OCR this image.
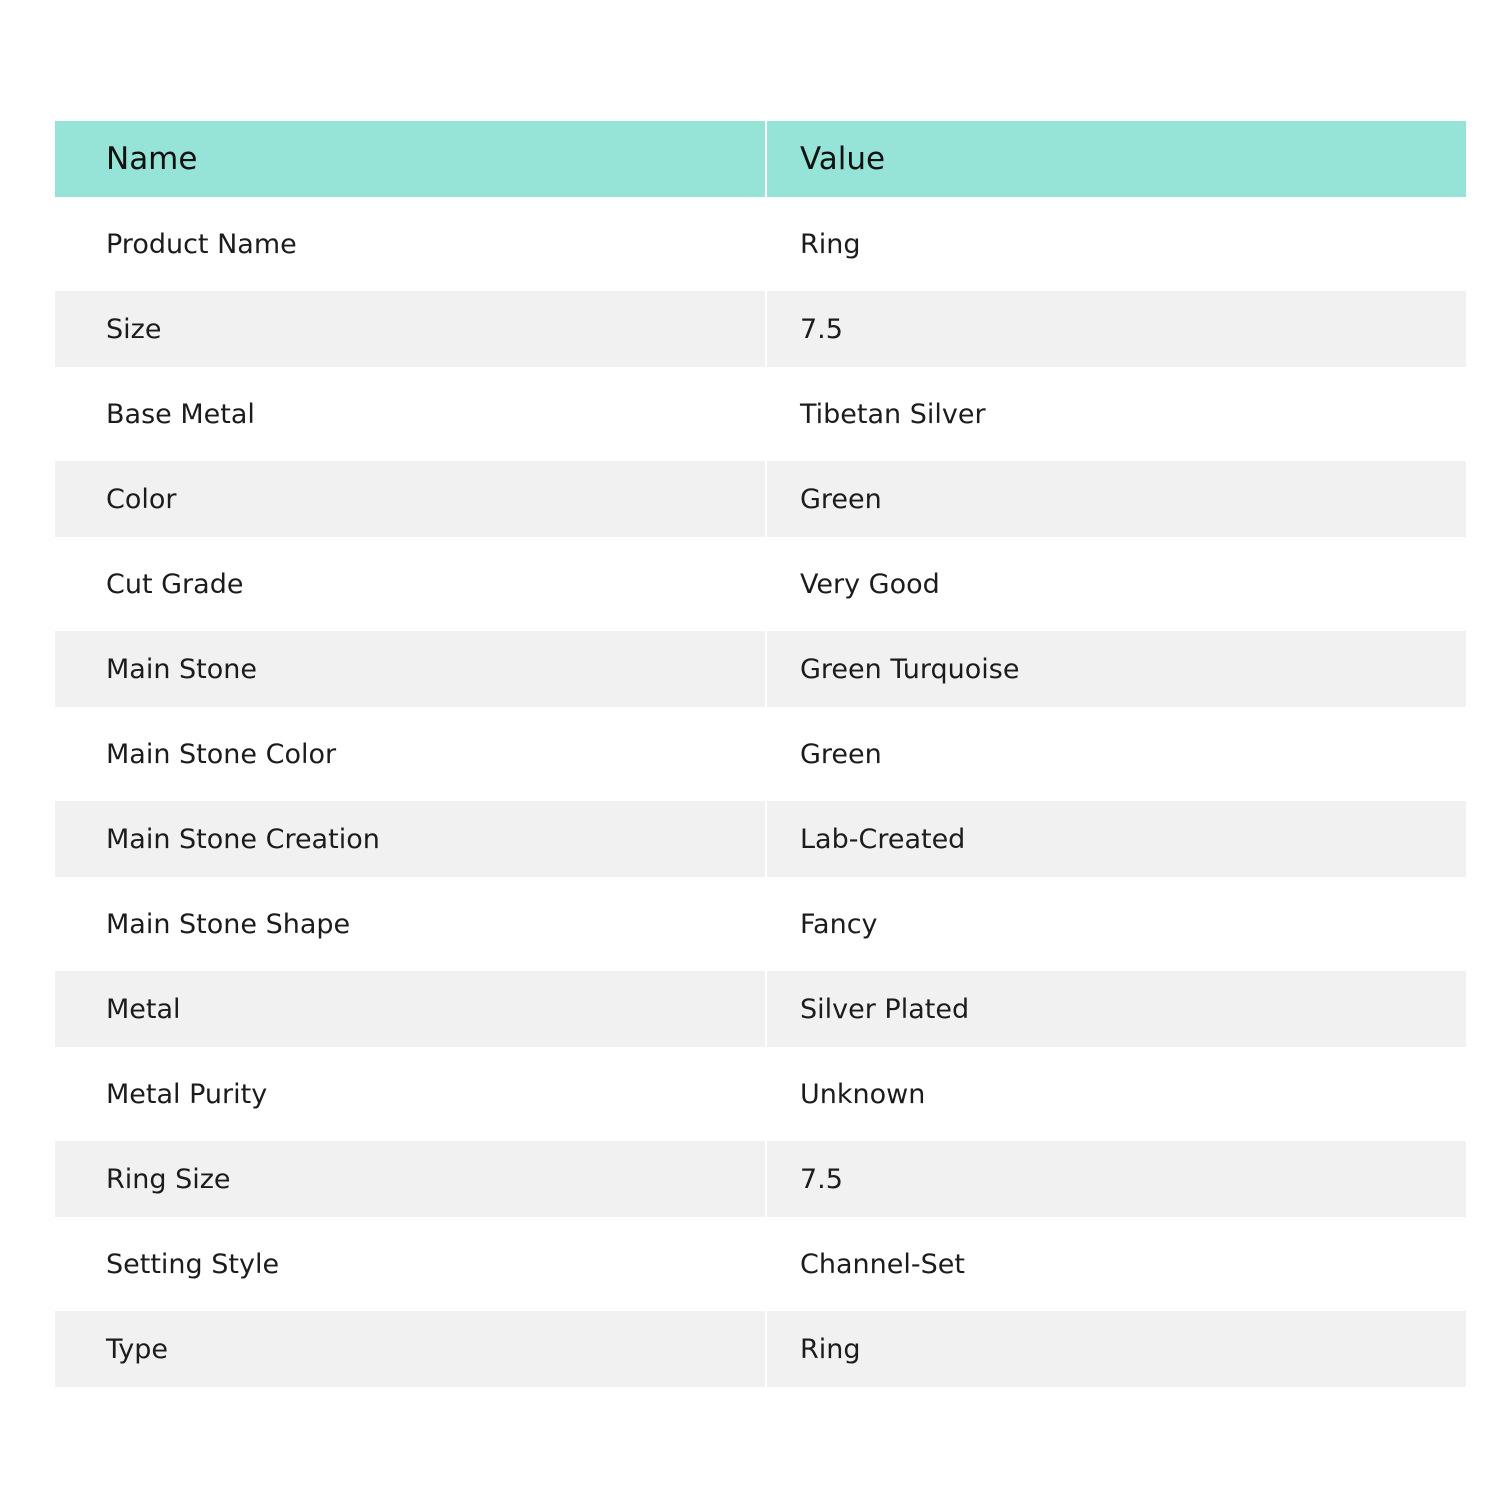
Name	Value
Product Name	Ring
Size	7.5
Base Metal	Tibetan Silver
Color	Green
Cut Grade	Very Good
Main Stone	Green Turquoise
Main Stone Color	Green
Main Stone Creation	Lab-Created
Main Stone Shape	Fancy
Metal	Silver Plated
Metal Purity	Unknown
Ring Size	7.5
Setting Style	Channel-Set
Type	Ring
